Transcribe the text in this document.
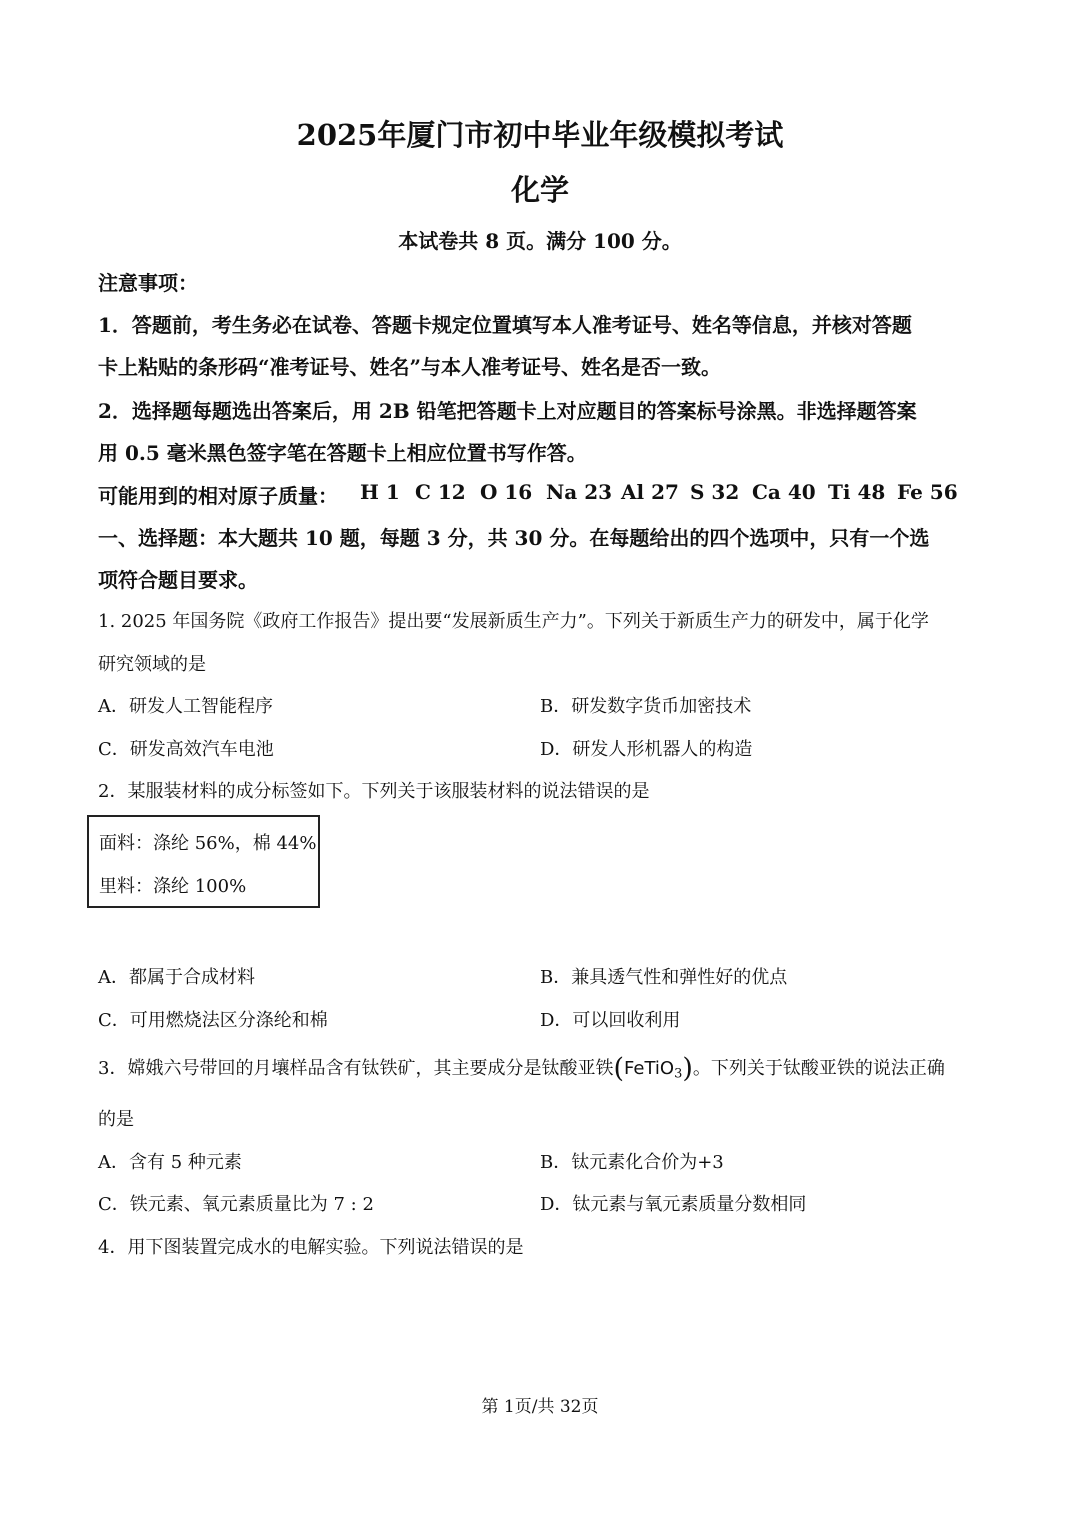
2025年厦门市初中毕业年级模拟考试
化学
本试卷共 8 页。满分 100 分。
注意事项：
1．答题前，考生务必在试卷、答题卡规定位置填写本人准考证号、姓名等信息，并核对答题
卡上粘贴的条形码“准考证号、姓名”与本人准考证号、姓名是否一致。
2．选择题每题选出答案后，用 2B 铅笔把答题卡上对应题目的答案标号涂黑。非选择题答案
用 0.5 毫米黑色签字笔在答题卡上相应位置书写作答。
可能用到的相对原子质量： H 1 C 12 O 16 Na 23 Al 27 S 32 Ca 40 Ti 48 Fe 56
一、选择题：本大题共 10 题，每题 3 分，共 30 分。在每题给出的四个选项中，只有一个选
项符合题目要求。
1. 2025 年国务院《政府工作报告》提出要“发展新质生产力”。下列关于新质生产力的研发中，属于化学
研究领域的是
A．研发人工智能程序	B．研发数字货币加密技术
C．研发高效汽车电池	D．研发人形机器人的构造
2．某服装材料的成分标签如下。下列关于该服装材料的说法错误的是
面料：涤纶 56%，棉 44%
里料：涤纶 100%
A．都属于合成材料	B．兼具透气性和弹性好的优点
C．可用燃烧法区分涤纶和棉	D．可以回收利用
3．嫦娥六号带回的月壤样品含有钛铁矿，其主要成分是钛酸亚铁(FeTiO$_3$)。下列关于钛酸亚铁的说法正确
的是
A．含有 5 种元素	B．钛元素化合价为+3
C．铁元素、氧元素质量比为 7 : 2	D．钛元素与氧元素质量分数相同
4．用下图装置完成水的电解实验。下列说法错误的是
第 1页/共 32页
